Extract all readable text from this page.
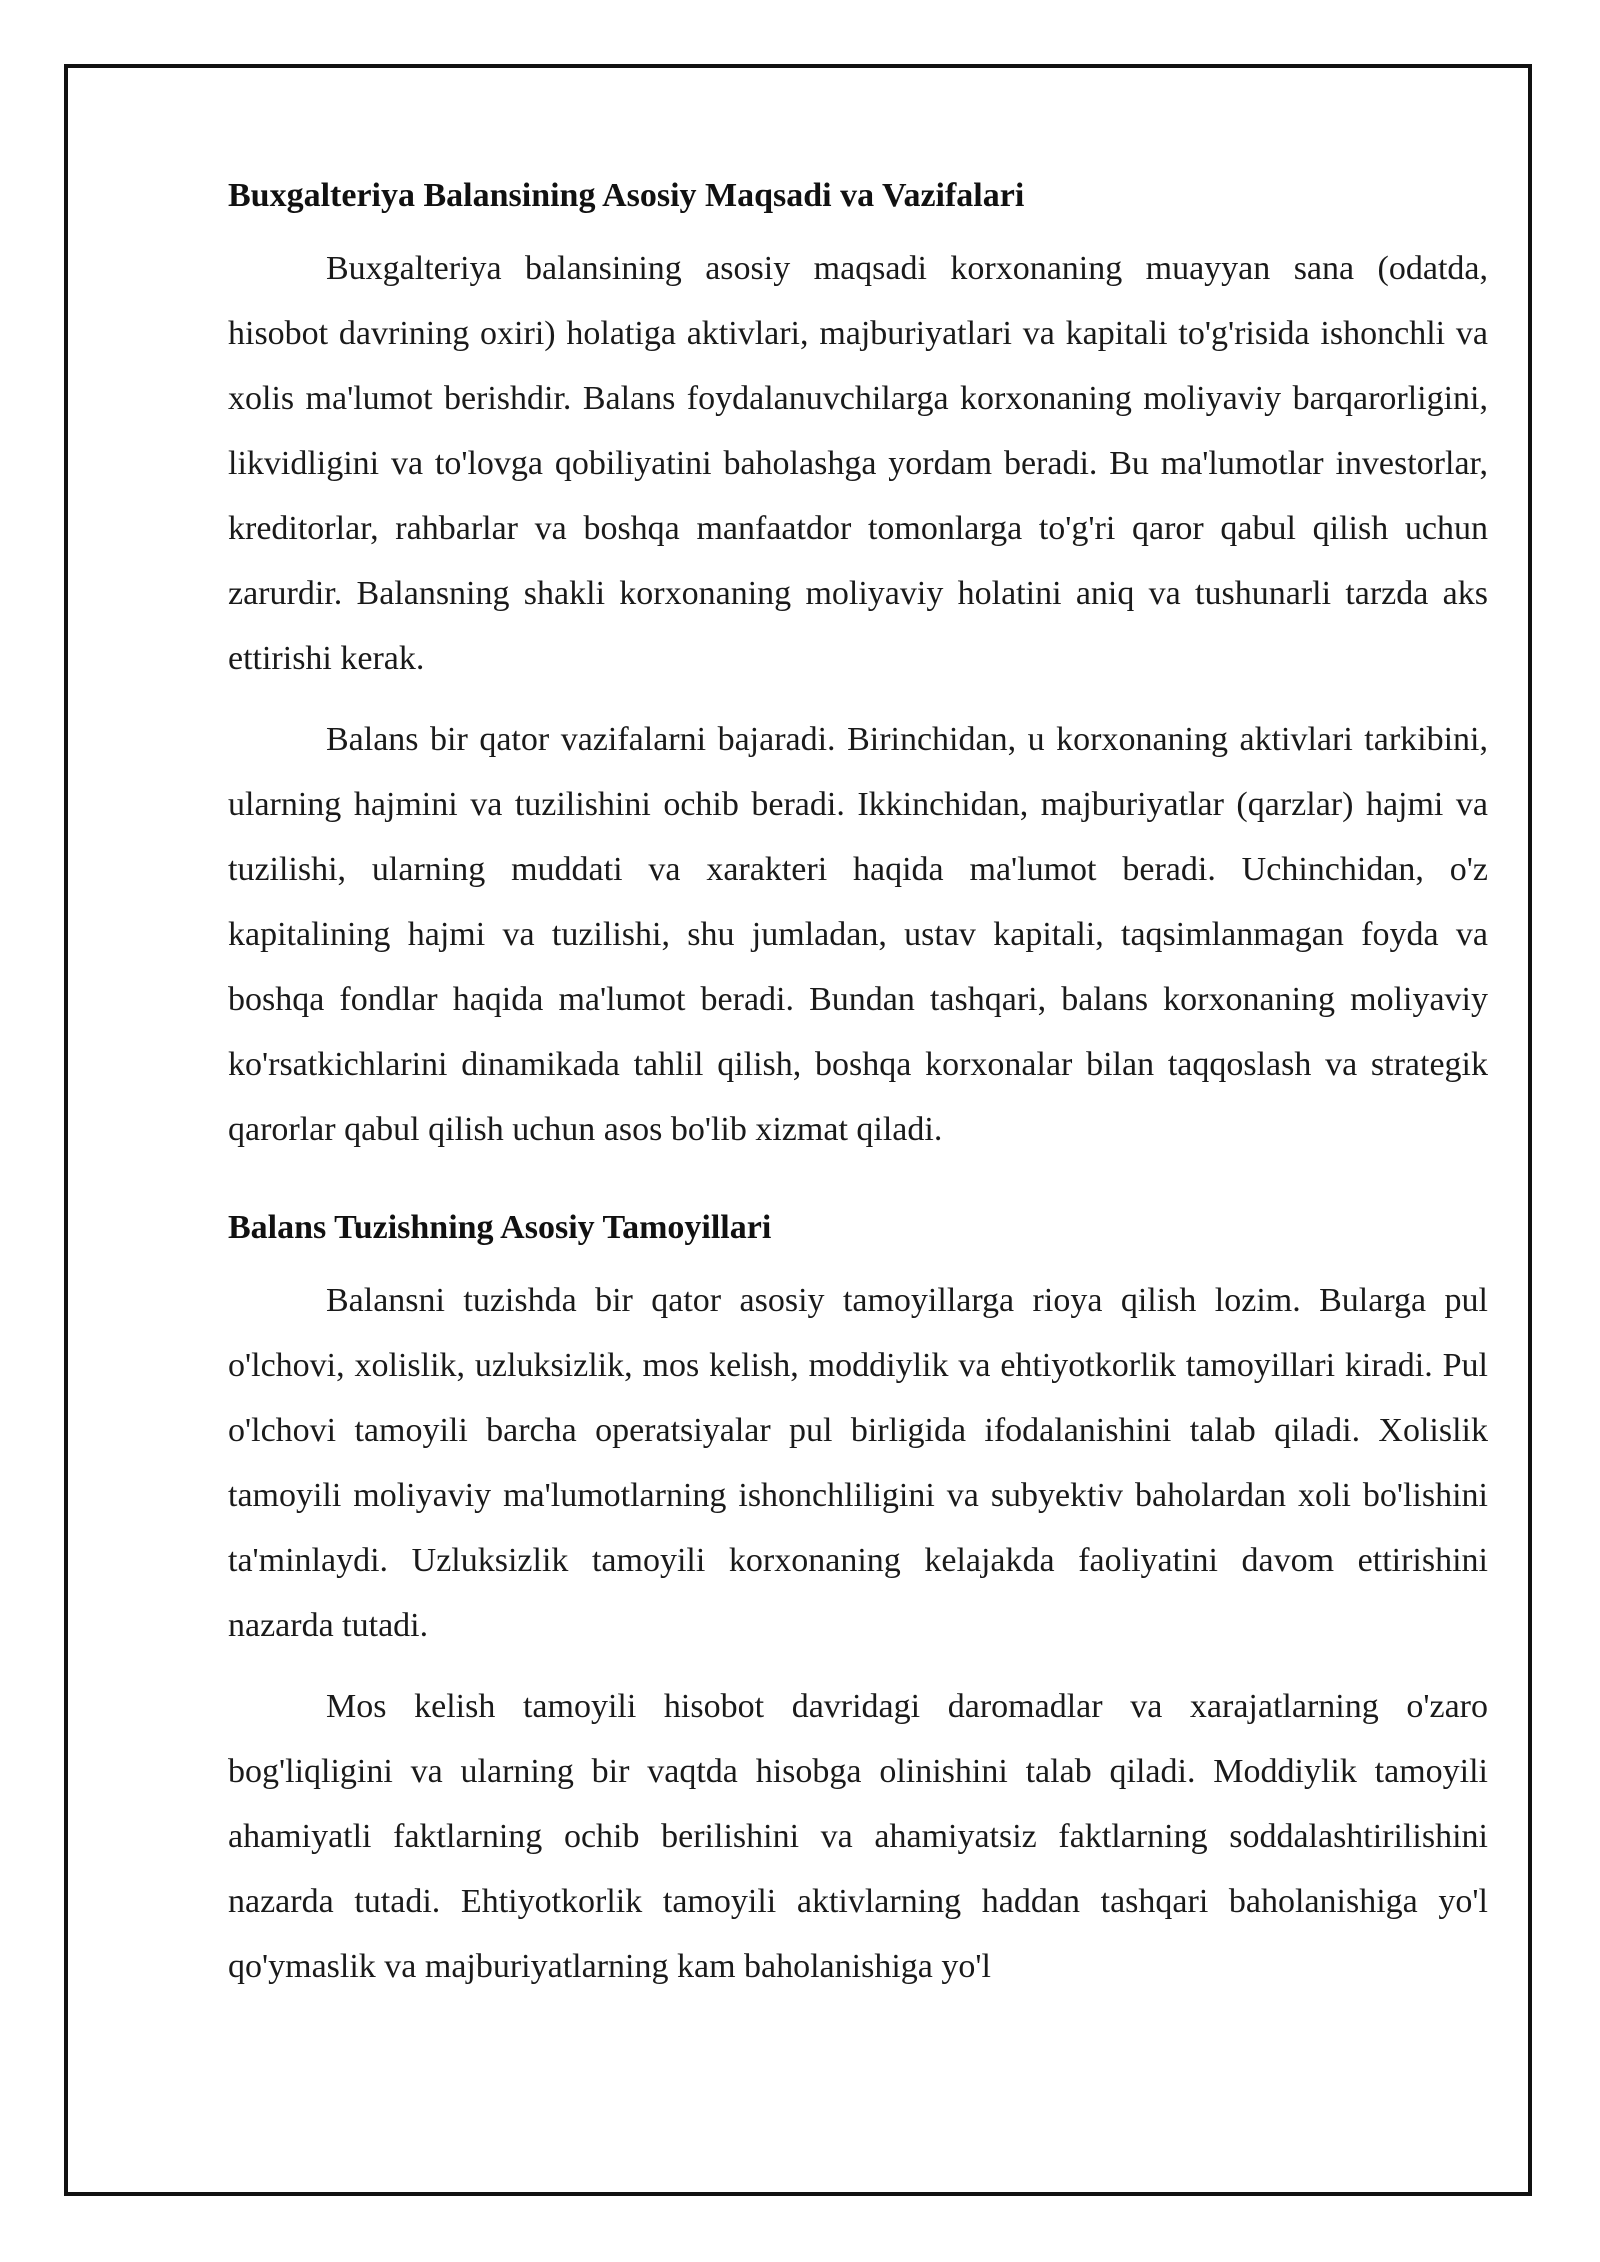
Buxgalteriya Balansining Asosiy Maqsadi va Vazifalari

Buxgalteriya balansining asosiy maqsadi korxonaning muayyan sana (odatda, hisobot davrining oxiri) holatiga aktivlari, majburiyatlari va kapitali to'g'risida ishonchli va xolis ma'lumot berishdir. Balans foydalanuvchilarga korxonaning moliyaviy barqarorligini, likvidligini va to'lovga qobiliyatini baholashga yordam beradi. Bu ma'lumotlar investorlar, kreditorlar, rahbarlar va boshqa manfaatdor tomonlarga to'g'ri qaror qabul qilish uchun zarurdir. Balansning shakli korxonaning moliyaviy holatini aniq va tushunarli tarzda aks ettirishi kerak.

Balans bir qator vazifalarni bajaradi. Birinchidan, u korxonaning aktivlari tarkibini, ularning hajmini va tuzilishini ochib beradi. Ikkinchidan, majburiyatlar (qarzlar) hajmi va tuzilishi, ularning muddati va xarakteri haqida ma'lumot beradi. Uchinchidan, o'z kapitalining hajmi va tuzilishi, shu jumladan, ustav kapitali, taqsimlanmagan foyda va boshqa fondlar haqida ma'lumot beradi. Bundan tashqari, balans korxonaning moliyaviy ko'rsatkichlarini dinamikada tahlil qilish, boshqa korxonalar bilan taqqoslash va strategik qarorlar qabul qilish uchun asos bo'lib xizmat qiladi.

Balans Tuzishning Asosiy Tamoyillari

Balansni tuzishda bir qator asosiy tamoyillarga rioya qilish lozim. Bularga pul o'lchovi, xolislik, uzluksizlik, mos kelish, moddiylik va ehtiyotkorlik tamoyillari kiradi. Pul o'lchovi tamoyili barcha operatsiyalar pul birligida ifodalanishini talab qiladi. Xolislik tamoyili moliyaviy ma'lumotlarning ishonchliligini va subyektiv baholardan xoli bo'lishini ta'minlaydi. Uzluksizlik tamoyili korxonaning kelajakda faoliyatini davom ettirishini nazarda tutadi.

Mos kelish tamoyili hisobot davridagi daromadlar va xarajatlarning o'zaro bog'liqligini va ularning bir vaqtda hisobga olinishini talab qiladi. Moddiylik tamoyili ahamiyatli faktlarning ochib berilishini va ahamiyatsiz faktlarning soddalashtirilishini nazarda tutadi. Ehtiyotkorlik tamoyili aktivlarning haddan tashqari baholanishiga yo'l qo'ymaslik va majburiyatlarning kam baholanishiga yo'l
